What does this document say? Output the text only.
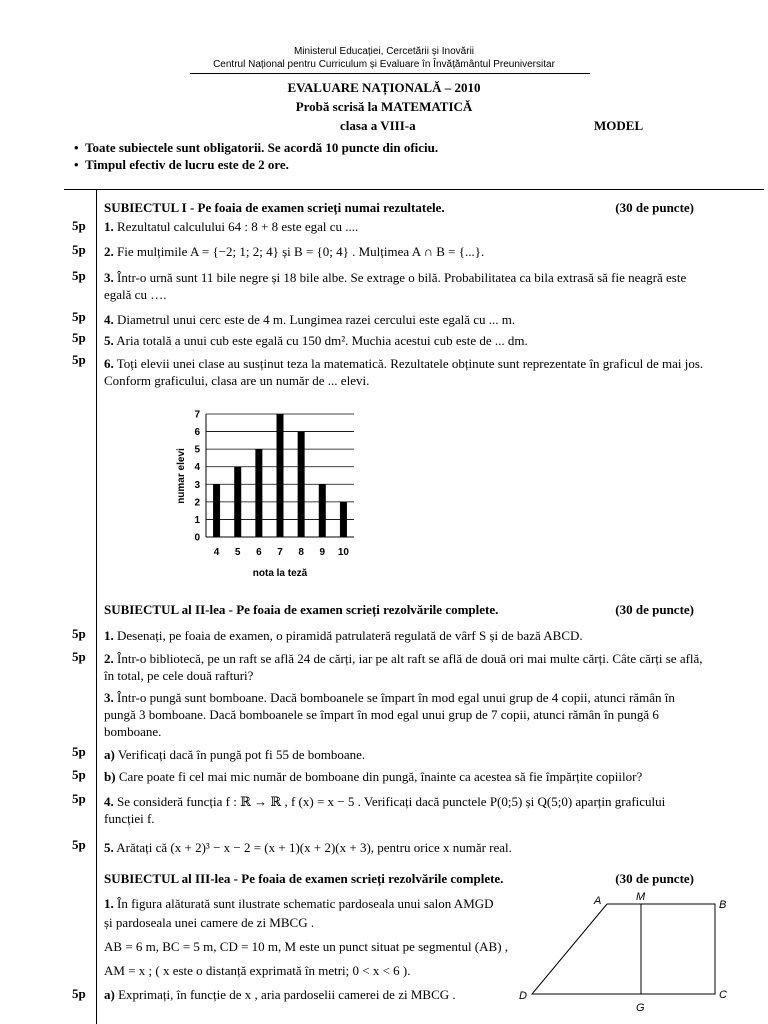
Ministerul Educației, Cercetării și Inovării
Centrul Național pentru Curriculum și Evaluare în Învățământul Preuniversitar
EVALUARE NAȚIONALĂ – 2010
Probă scrisă la MATEMATICĂ
clasa a VIII-a	MODEL
•  Toate subiectele sunt obligatorii. Se acordă 10 puncte din oficiu.
•  Timpul efectiv de lucru este de 2 ore.
SUBIECTUL I - Pe foaia de examen scrieți numai rezultatele.	(30 de puncte)
5p	1. Rezultatul calculului 64 : 8 + 8 este egal cu ....
5p	2. Fie mulțimile A = {−2; 1; 2; 4} și B = {0; 4} . Mulțimea A ∩ B = {...}.
5p	3. Într-o urnă sunt 11 bile negre și 18 bile albe. Se extrage o bilă. Probabilitatea ca bila extrasă să fie neagră este egală cu ….
5p	4. Diametrul unui cerc este de 4 m. Lungimea razei cercului este egală cu ... m.
5p	5. Aria totală a unui cub este egală cu 150 dm². Muchia acestui cub este de ... dm.
5p	6. Toți elevii unei clase au susținut teza la matematică. Rezultatele obținute sunt reprezentate în graficul de mai jos. Conform graficului, clasa are un număr de ... elevi.
0
1
2
3
4
5
6
7
4 5 6 7 8 9 10
numar elevi
nota la teză
SUBIECTUL al II-lea - Pe foaia de examen scrieți rezolvările complete.	(30 de puncte)
5p	1. Desenați, pe foaia de examen, o piramidă patrulateră regulată de vârf S și de bază ABCD.
5p	2. Într-o bibliotecă, pe un raft se află 24 de cărți, iar pe alt raft se află de două ori mai multe cărți. Câte cărți se află, în total, pe cele două rafturi?
3. Într-o pungă sunt bomboane. Dacă bomboanele se împart în mod egal unui grup de 4 copii, atunci rămân în pungă 3 bomboane. Dacă bomboanele se împart în mod egal unui grup de 7 copii, atunci rămân în pungă 6 bomboane.
5p	a) Verificați dacă în pungă pot fi 55 de bomboane.
5p	b) Care poate fi cel mai mic număr de bomboane din pungă, înainte ca acestea să fie împărțite copiilor?
5p	4. Se consideră funcția f : ℝ → ℝ , f (x) = x − 5 . Verificați dacă punctele P(0;5) și Q(5;0) aparțin graficului funcției f.
5p	5. Arătați că (x + 2)³ − x − 2 = (x + 1)(x + 2)(x + 3), pentru orice x număr real.
SUBIECTUL al III-lea - Pe foaia de examen scrieți rezolvările complete.	(30 de puncte)
1. În figura alăturată sunt ilustrate schematic pardoseala unui salon AMGD
și pardoseala unei camere de zi MBCG .
AB = 6 m, BC = 5 m, CD = 10 m, M este un punct situat pe segmentul (AB) ,
AM = x ; ( x este o distanță exprimată în metri; 0 < x < 6 ).
5p	a) Exprimați, în funcție de x , aria pardoselii camerei de zi MBCG .
A	M
B
D
G
C
